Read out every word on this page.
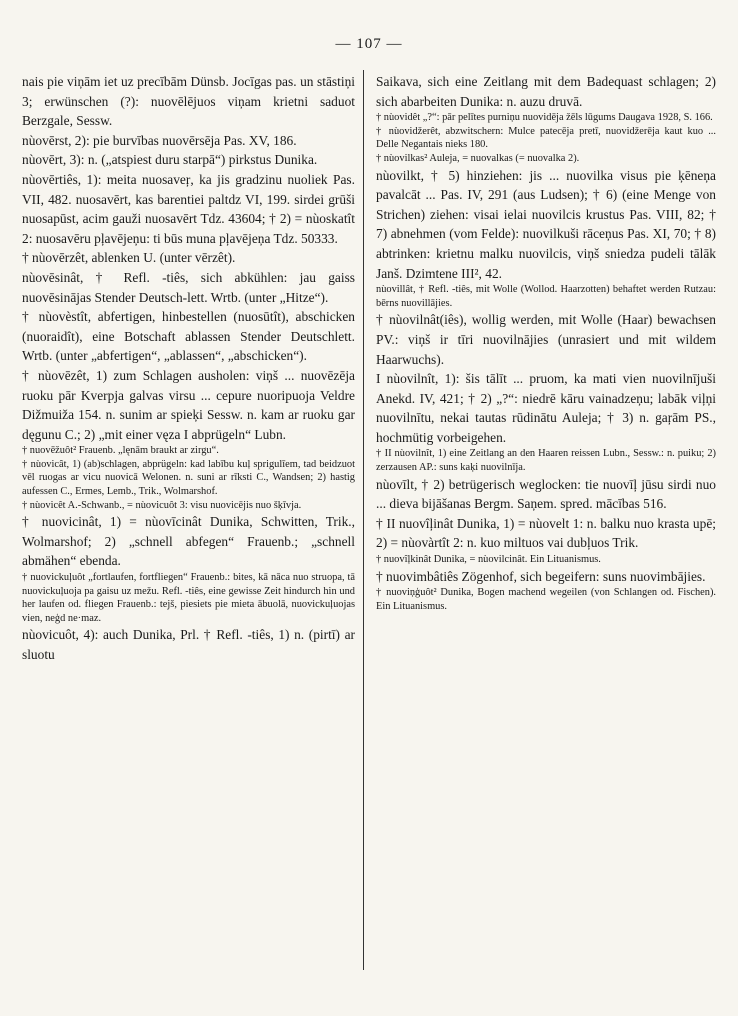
— 107 —

nais pie viņām iet uz precībām Dünsb. Jocīgas pas. un stāstiņi 3; erwünschen (?): nuovēlējuos viņam krietni saduot Berzgale, Sessw.

nùovērst, 2): pie burvības nuovērsēja Pas. XV, 186.

nùovērt, 3): n. („atspiest duru starpā“) pirkstus Dunika.

nùovērtiês, 1): meita nuosaveŗ, ka jis gradzinu nuoliek Pas. VII, 482. nuosavērt, kas barentiei paltdz VI, 199. sirdei grūši nuosapūst, acim gauži nuosavērt Tdz. 43604; † 2) = nùoskatît 2: nuosavēru pļavējeņu: ti būs muna pļavējeņa Tdz. 50333.

† nùovērzêt, ablenken U. (unter vērzêt).

nùovēsinât, † Refl. -tiês, sich abkühlen: jau gaiss nuovēsinājas Stender Deutsch-lett. Wrtb. (unter „Hitze“).

† nùovèstît, abfertigen, hinbestellen (nuosūtît), abschicken (nuoraidît), eine Botschaft ablassen Stender Deutschlett. Wrtb. (unter „abfertigen“, „ablassen“, „abschicken“).

† nùovēzêt, 1) zum Schlagen ausholen: viņš ... nuovēzēja ruoku pār Kverpja galvas virsu ... cepure nuoripuoja Veldre Dižmuiža 154. n. sunim ar spieķi Sessw. n. kam ar ruoku gar dęgunu C.; 2) „mit einer vęza I abprügeln“ Lubn.

† nuovēžuôt² Frauenb. „lęnām braukt ar zirgu“.

† nùovicât, 1) (ab)schlagen, abprügeln: kad labību kuļ sprigulīem, tad beidzuot vēl ruogas ar vicu nuovicā Welonen. n. suni ar rīksti C., Wandsen; 2) hastig aufessen C., Ermes, Lemb., Trik., Wolmarshof.

† nùovicêt A.-Schwanb., = nùovicuôt 3: visu nuovicējis nuo šķīvja.

† nuovicinât, 1) = nùovīcinât Dunika, Schwitten, Trik., Wolmarshof; 2) „schnell abfegen“ Frauenb.; „schnell abmähen“ ebenda.

† nuovickuļuôt „fortlaufen, fortfliegen“ Frauenb.: bites, kā nāca nuo struopa, tā nuovickuļuoja pa gaisu uz mežu. Refl. -tiês, eine gewisse Zeit hindurch hin und her laufen od. fliegen Frauenb.: tejš, piesiets pie mieta ābuolā, nuovickuļuojas vien, neģd ne·maz.

nùovicuôt, 4): auch Dunika, Prl. † Refl. -tiês, 1) n. (pirtī) ar sluotu

Saikava, sich eine Zeitlang mit dem Badequast schlagen; 2) sich abarbeiten Dunika: n. auzu druvā.

† nùovidêt „?“: pār pelītes purniņu nuovidēja žēls lūgums Daugava 1928, S. 166.

† nùovidžerêt, abzwitschern: Mulce patecēja pretī, nuovidžerēja kaut kuo ... Delle Negantais nieks 180.

† nùovilkas² Auleja, = nuovalkas (= nuovalka 2).

nùovilkt, † 5) hinziehen: jis ... nuovilka visus pie ķēneņa pavalcāt ... Pas. IV, 291 (aus Ludsen); † 6) (eine Menge von Strichen) ziehen: visai ielai nuovilcis krustus Pas. VIII, 82; † 7) abnehmen (vom Felde): nuovilkuši rāceņus Pas. XI, 70; † 8) abtrinken: krietnu malku nuovilcis, viņš sniedza pudeli tālāk Janš. Dzimtene III², 42.

nùovillât, † Refl. -tiês, mit Wolle (Wollod. Haarzotten) behaftet werden Rutzau: bērns nuovillājies.

† nùovilnât(iês), wollig werden, mit Wolle (Haar) bewachsen PV.: viņš ir tīri nuovilnājies (unrasiert und mit wildem Haarwuchs).

I nùovilnît, 1): šis tālīt ... pruom, ka mati vien nuovilnījuši Anekd. IV, 421; † 2) „?“: niedrē kāru vainadzeņu; labāk viļņi nuovilnītu, nekai tautas rūdinātu Auleja; † 3) n. gaŗām PS., hochmütig vorbeigehen.

† II nùovilnît, 1) eine Zeitlang an den Haaren reissen Lubn., Sessw.: n. puiku; 2) zerzausen AP.: suns kaķi nuovilnīja.

nùovīlt, † 2) betrügerisch weglocken: tie nuovīļ jūsu sirdi nuo ... dieva bijāšanas Bergm. Saņem. spred. mācības 516.

† II nuovîļinât Dunika, 1) = nùovelt 1: n. balku nuo krasta upē; 2) = nùovàrtît 2: n. kuo miltuos vai dubļuos Trik.

† nuovîļkinât Dunika, = nùovilcinât. Ein Lituanismus.

† nuovimbâtiês Zögenhof, sich begeifern: suns nuovimbājies.

† nuoviņģuôt² Dunika, Bogen machend wegeilen (von Schlangen od. Fischen). Ein Lituanismus.
